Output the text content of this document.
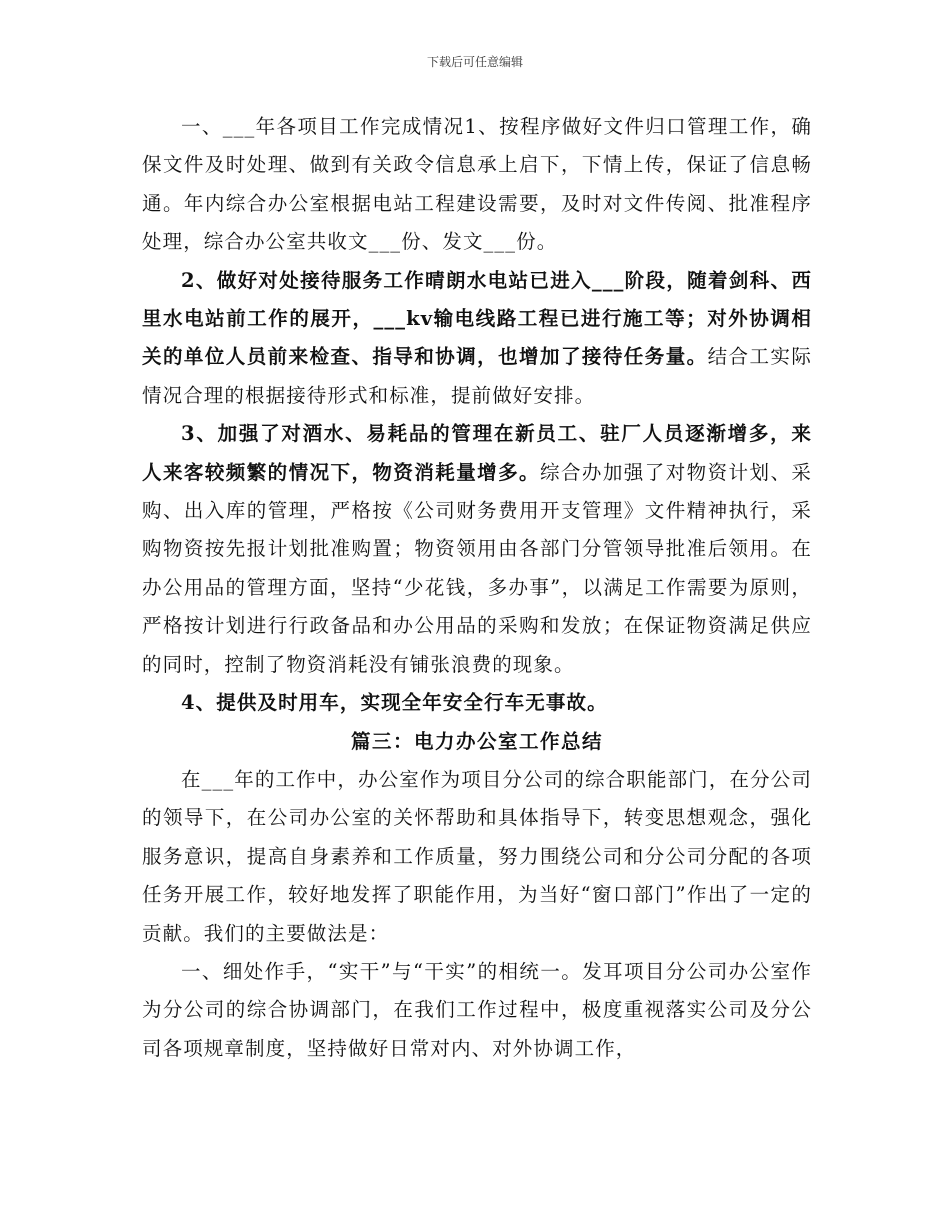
下载后可任意编辑

一、___年各项目工作完成情况1、按程序做好文件归口管理工作，确保文件及时处理、做到有关政令信息承上启下，下情上传，保证了信息畅通。年内综合办公室根据电站工程建设需要，及时对文件传阅、批准程序处理，综合办公室共收文___份、发文___份。

2、做好对处接待服务工作晴朗水电站已进入___阶段，随着剑科、西里水电站前工作的展开，___kv输电线路工程已进行施工等；对外协调相关的单位人员前来检查、指导和协调，也增加了接待任务量。结合工实际情况合理的根据接待形式和标准，提前做好安排。

3、加强了对酒水、易耗品的管理在新员工、驻厂人员逐渐增多，来人来客较频繁的情况下，物资消耗量增多。综合办加强了对物资计划、采购、出入库的管理，严格按《公司财务费用开支管理》文件精神执行，采购物资按先报计划批准购置；物资领用由各部门分管领导批准后领用。在办公用品的管理方面，坚持“少花钱，多办事”，以满足工作需要为原则，严格按计划进行行政备品和办公用品的采购和发放；在保证物资满足供应的同时，控制了物资消耗没有铺张浪费的现象。

4、提供及时用车，实现全年安全行车无事故。

篇三：电力办公室工作总结

在___年的工作中，办公室作为项目分公司的综合职能部门，在分公司的领导下，在公司办公室的关怀帮助和具体指导下，转变思想观念，强化服务意识，提高自身素养和工作质量，努力围绕公司和分公司分配的各项任务开展工作，较好地发挥了职能作用，为当好“窗口部门”作出了一定的贡献。我们的主要做法是：

一、细处作手，“实干”与“干实”的相统一。发耳项目分公司办公室作为分公司的综合协调部门，在我们工作过程中，极度重视落实公司及分公司各项规章制度，坚持做好日常对内、对外协调工作，
